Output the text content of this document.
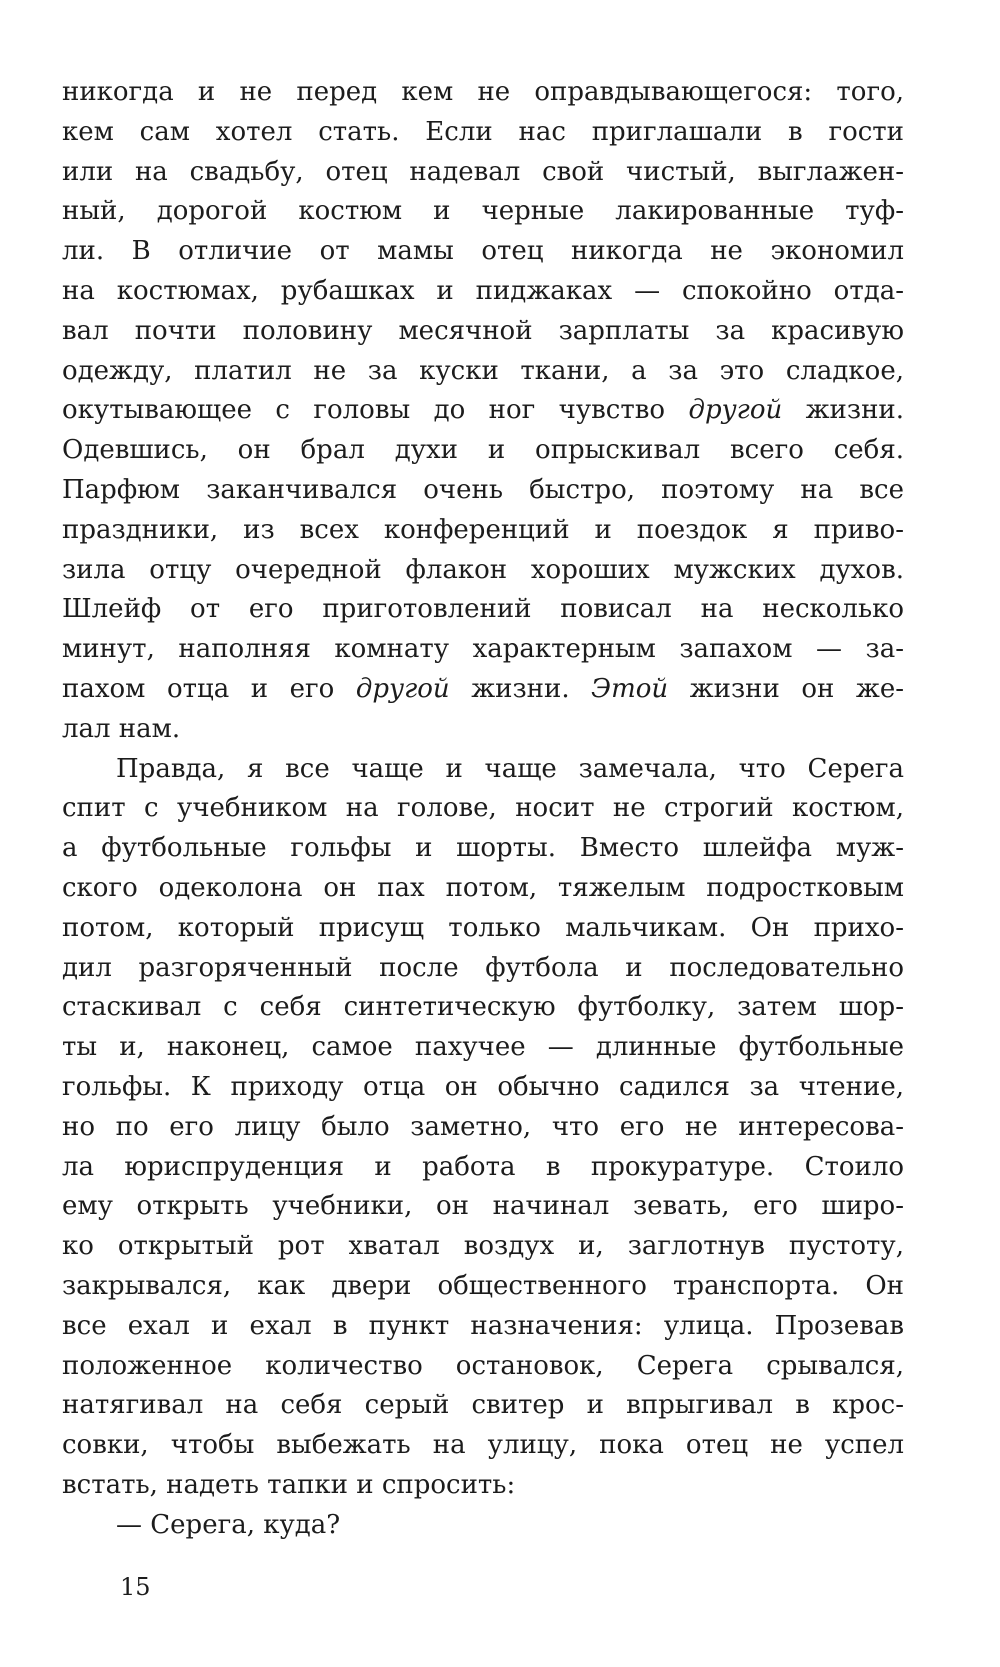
никогда и не перед кем не оправдывающегося: того,
кем сам хотел стать. Если нас приглашали в гости
или на свадьбу, отец надевал свой чистый, выглажен-
ный, дорогой костюм и черные лакированные туф-
ли. В отличие от мамы отец никогда не экономил
на костюмах, рубашках и пиджаках — спокойно отда-
вал почти половину месячной зарплаты за красивую
одежду, платил не за куски ткани, а за это сладкое,
окутывающее с головы до ног чувство другой жизни.
Одевшись, он брал духи и опрыскивал всего себя.
Парфюм заканчивался очень быстро, поэтому на все
праздники, из всех конференций и поездок я приво-
зила отцу очередной флакон хороших мужских духов.
Шлейф от его приготовлений повисал на несколько
минут, наполняя комнату характерным запахом — за-
пахом отца и его другой жизни. Этой жизни он же-
лал нам.
Правда, я все чаще и чаще замечала, что Серега
спит с учебником на голове, носит не строгий костюм,
а футбольные гольфы и шорты. Вместо шлейфа муж-
ского одеколона он пах потом, тяжелым подростковым
потом, который присущ только мальчикам. Он прихо-
дил разгоряченный после футбола и последовательно
стаскивал с себя синтетическую футболку, затем шор-
ты и, наконец, самое пахучее — длинные футбольные
гольфы. К приходу отца он обычно садился за чтение,
но по его лицу было заметно, что его не интересова-
ла юриспруденция и работа в прокуратуре. Стоило
ему открыть учебники, он начинал зевать, его широ-
ко открытый рот хватал воздух и, заглотнув пустоту,
закрывался, как двери общественного транспорта. Он
все ехал и ехал в пункт назначения: улица. Прозевав
положенное количество остановок, Серега срывался,
натягивал на себя серый свитер и впрыгивал в крос-
совки, чтобы выбежать на улицу, пока отец не успел
встать, надеть тапки и спросить:
— Серега, куда?
15
